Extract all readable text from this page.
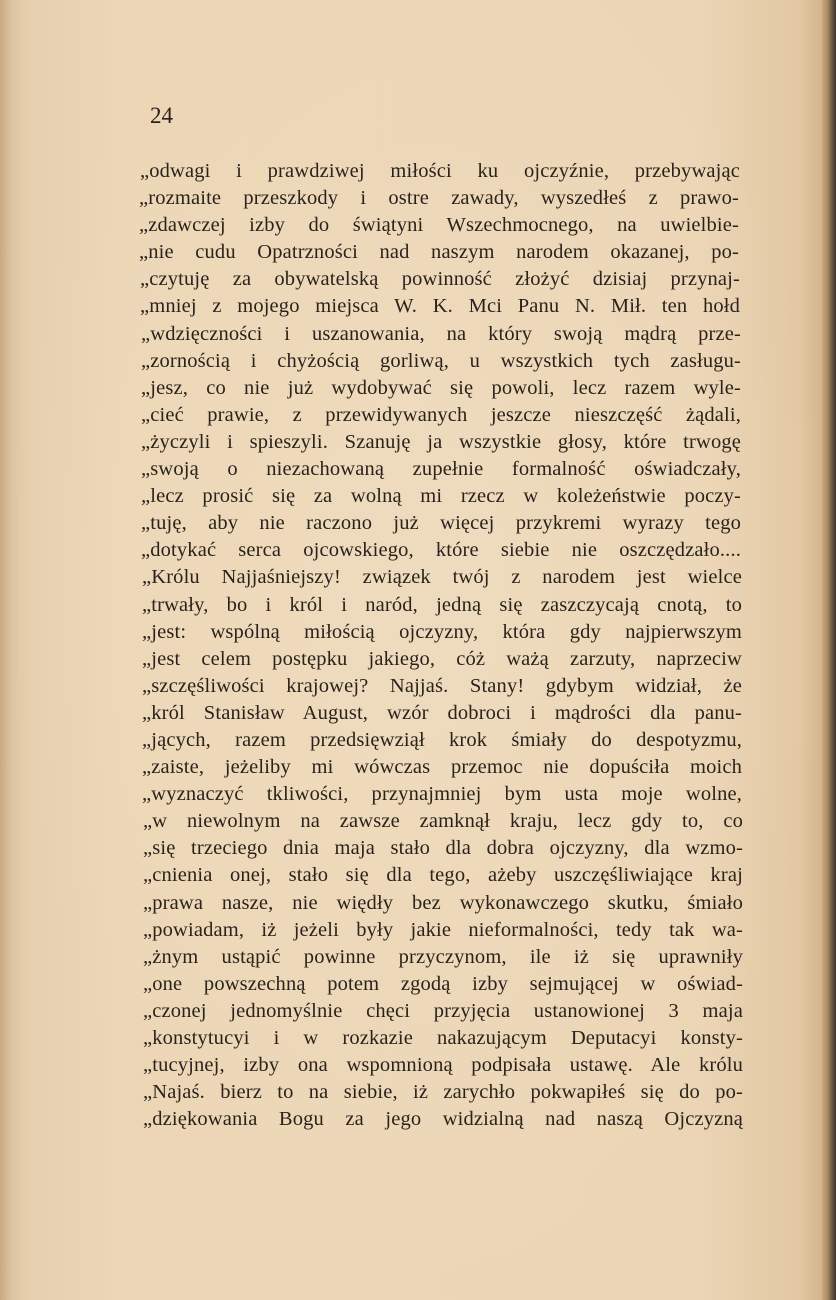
24
„odwagi i prawdziwej miłości ku ojczyźnie, przebywając
„rozmaite przeszkody i ostre zawady, wyszedłeś z prawo-
„zdawczej izby do świątyni Wszechmocnego, na uwielbie-
„nie cudu Opatrzności nad naszym narodem okazanej, po-
„czytuję za obywatelską powinność złożyć dzisiaj przynaj-
„mniej z mojego miejsca W. K. Mci Panu N. Mił. ten hołd
„wdzięczności i uszanowania, na który swoją mądrą prze-
„zornością i chyżością gorliwą, u wszystkich tych zasługu-
„jesz, co nie już wydobywać się powoli, lecz razem wyle-
„cieć prawie, z przewidywanych jeszcze nieszczęść żądali,
„życzyli i spieszyli. Szanuję ja wszystkie głosy, które trwogę
„swoją o niezachowaną zupełnie formalność oświadczały,
„lecz prosić się za wolną mi rzecz w koleżeństwie poczy-
„tuję, aby nie raczono już więcej przykremi wyrazy tego
„dotykać serca ojcowskiego, które siebie nie oszczędzało....
„Królu Najjaśniejszy! związek twój z narodem jest wielce
„trwały, bo i król i naród, jedną się zaszczycają cnotą, to
„jest: wspólną miłością ojczyzny, która gdy najpierwszym
„jest celem postępku jakiego, cóż ważą zarzuty, naprzeciw
„szczęśliwości krajowej? Najjaś. Stany! gdybym widział, że
„król Stanisław August, wzór dobroci i mądrości dla panu-
„jących, razem przedsięwziął krok śmiały do despotyzmu,
„zaiste, jeżeliby mi wówczas przemoc nie dopuściła moich
„wyznaczyć tkliwości, przynajmniej bym usta moje wolne,
„w niewolnym na zawsze zamknął kraju, lecz gdy to, co
„się trzeciego dnia maja stało dla dobra ojczyzny, dla wzmo-
„cnienia onej, stało się dla tego, ażeby uszczęśliwiające kraj
„prawa nasze, nie więdły bez wykonawczego skutku, śmiało
„powiadam, iż jeżeli były jakie nieformalności, tedy tak wa-
„żnym ustąpić powinne przyczynom, ile iż się uprawniły
„one powszechną potem zgodą izby sejmującej w oświad-
„czonej jednomyślnie chęci przyjęcia ustanowionej 3 maja
„konstytucyi i w rozkazie nakazującym Deputacyi konsty-
„tucyjnej, izby ona wspomnioną podpisała ustawę. Ale królu
„Najaś. bierz to na siebie, iż zarychło pokwapiłeś się do po-
„dziękowania Bogu za jego widzialną nad naszą Ojczyzną
